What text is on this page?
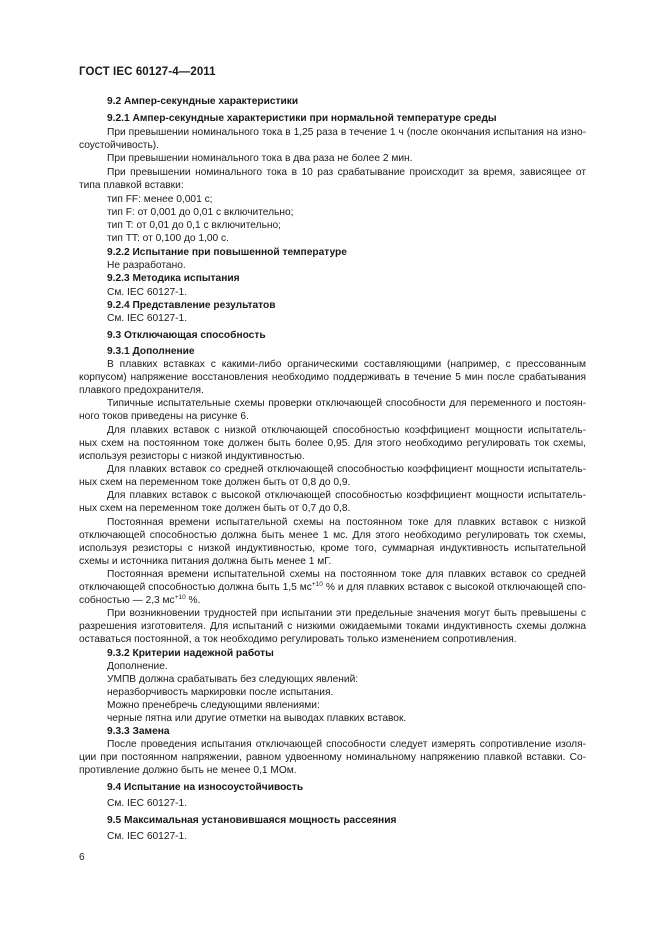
ГОСТ IEC 60127-4—2011
9.2 Ампер-секундные характеристики
9.2.1 Ампер-секундные характеристики при нормальной температуре среды
При превышении номинального тока в 1,25 раза в течение 1 ч (после окончания испытания на изно-
соустойчивость).
При превышении номинального тока в два раза не более 2 мин.
При превышении номинального тока в 10 раз срабатывание происходит за время, зависящее от
типа плавкой вставки:
тип FF: менее 0,001 с;
тип F: от 0,001 до 0,01 с включительно;
тип T: от 0,01 до 0,1 с включительно;
тип TT: от 0,100 до 1,00 с.
9.2.2 Испытание при повышенной температуре
Не разработано.
9.2.3 Методика испытания
См. IEC 60127-1.
9.2.4 Представление результатов
См. IEC 60127-1.
9.3 Отключающая способность
9.3.1 Дополнение
В плавких вставках с какими-либо органическими составляющими (например, с прессованным
корпусом) напряжение восстановления необходимо поддерживать в течение 5 мин после срабатывания
плавкого предохранителя.
Типичные испытательные схемы проверки отключающей способности для переменного и постоян-
ного токов приведены на рисунке 6.
Для плавких вставок с низкой отключающей способностью коэффициент мощности испытатель-
ных схем на постоянном токе должен быть более 0,95. Для этого необходимо регулировать ток схемы,
используя резисторы с низкой индуктивностью.
Для плавких вставок со средней отключающей способностью коэффициент мощности испытатель-
ных схем на переменном токе должен быть от 0,8 до 0,9.
Для плавких вставок с высокой отключающей способностью коэффициент мощности испытатель-
ных схем на переменном токе должен быть от 0,7 до 0,8.
Постоянная времени испытательной схемы на постоянном токе для плавких вставок с низкой
отключающей способностью должна быть менее 1 мс. Для этого необходимо регулировать ток схемы,
используя резисторы с низкой индуктивностью, кроме того, суммарная индуктивность испытательной
схемы и источника питания должна быть менее 1 мГ.
Постоянная времени испытательной схемы на постоянном токе для плавких вставок со средней
отключающей способностью должна быть 1,5 $мс^{+10}$ % и для плавких вставок с высокой отключающей спо-
собностью — 2,3 $мс^{+10}$ %.
При возникновении трудностей при испытании эти предельные значения могут быть превышены с
разрешения изготовителя. Для испытаний с низкими ожидаемыми токами индуктивность схемы должна
оставаться постоянной, а ток необходимо регулировать только изменением сопротивления.
9.3.2 Критерии надежной работы
Дополнение.
УМПВ должна срабатывать без следующих явлений:
неразборчивость маркировки после испытания.
Можно пренебречь следующими явлениями:
черные пятна или другие отметки на выводах плавких вставок.
9.3.3 Замена
После проведения испытания отключающей способности следует измерять сопротивление изоля-
ции при постоянном напряжении, равном удвоенному номинальному напряжению плавкой вставки. Со-
противление должно быть не менее 0,1 МОм.
9.4 Испытание на износоустойчивость
См. IEC 60127-1.
9.5 Максимальная установившаяся мощность рассеяния
См. IEC 60127-1.
6
